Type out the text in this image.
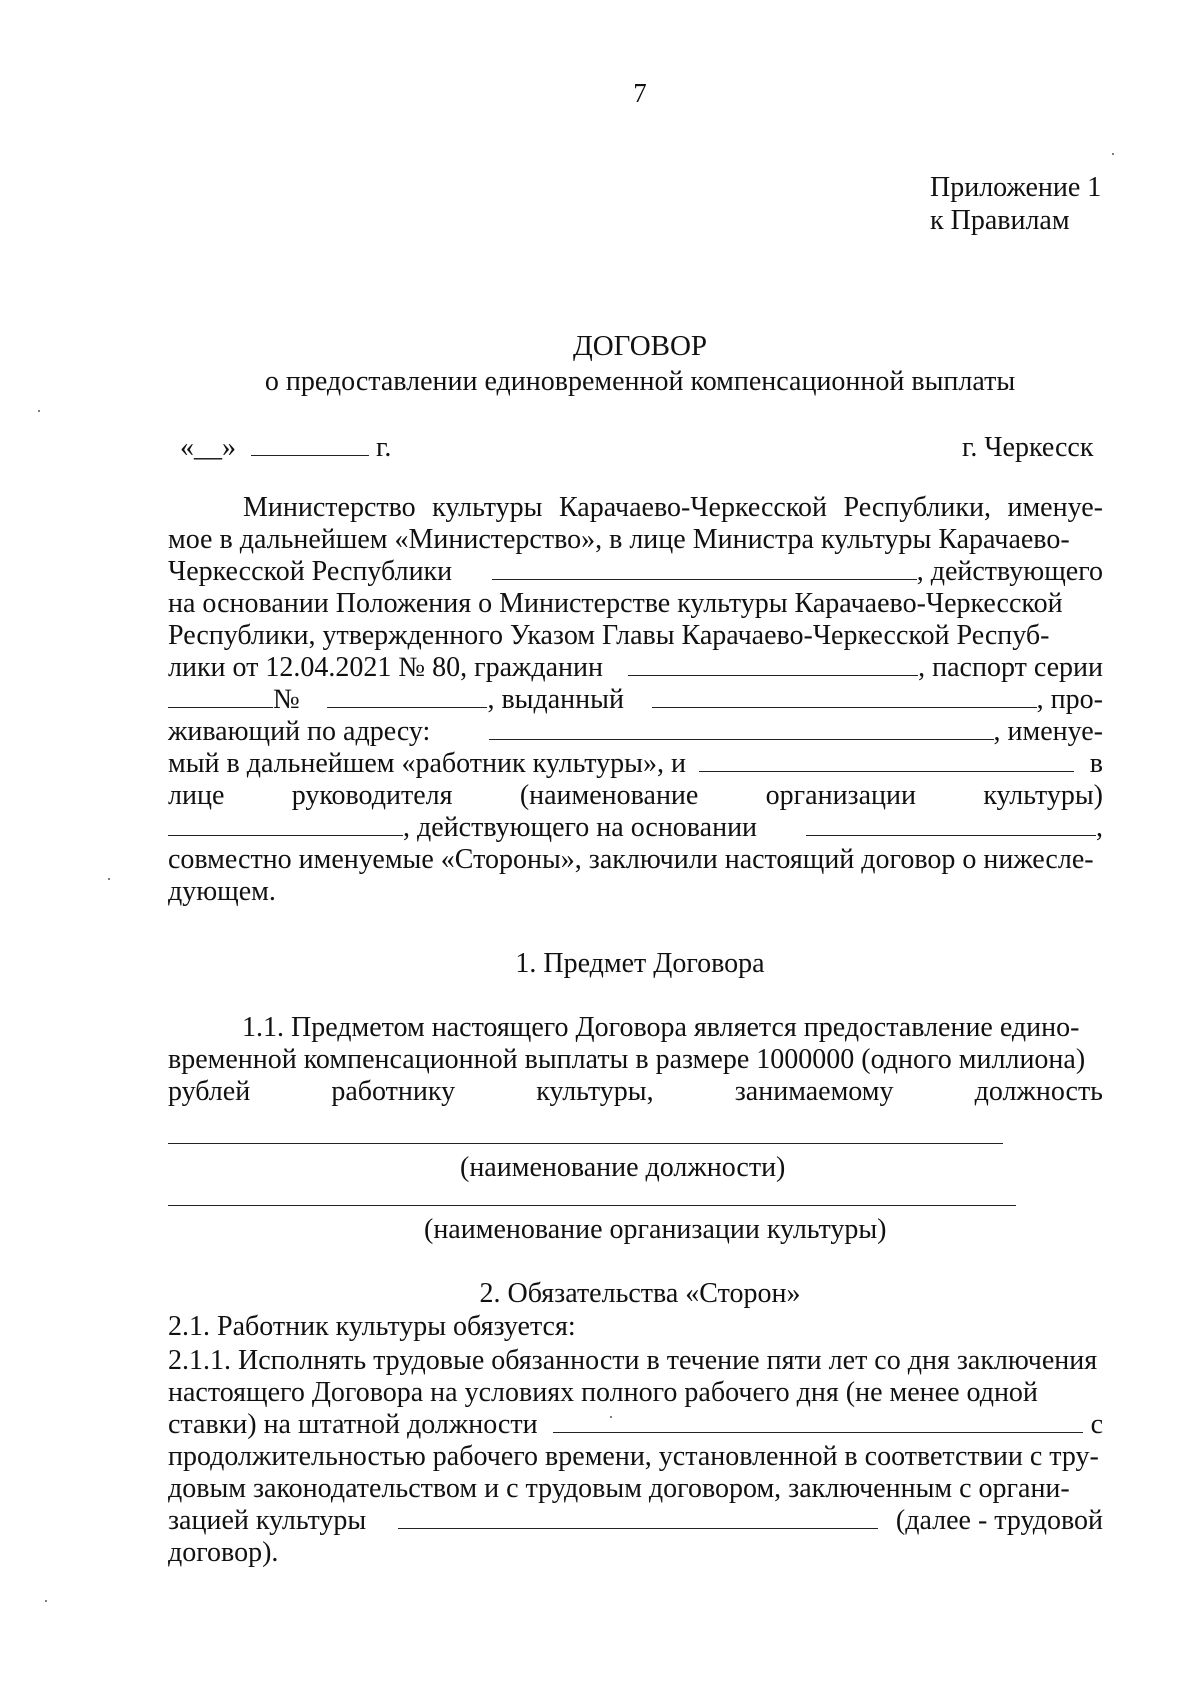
7
Приложение 1
к Правилам
ДОГОВОР
о предоставлении единовременной компенсационной выплаты
«__»	г.	г. Черкесск
Министерство культуры Карачаево-Черкесской Республики, именуе-
мое в дальнейшем «Министерство», в лице Министра культуры Карачаево-
Черкесской Республики	, действующего
на основании Положения о Министерстве культуры Карачаево-Черкесской
Республики, утвержденного Указом Главы Карачаево-Черкесской Респуб-
лики от 12.04.2021 № 80, гражданин	, паспорт серии
№	, выданный	, про-
живающий по адресу:	, именуе-
мый в дальнейшем «работник культуры», и	в
лице руководителя (наименование организации культуры)
, действующего на основании	,
совместно именуемые «Стороны», заключили настоящий договор о нижесле-
дующем.
1. Предмет Договора
1.1. Предметом настоящего Договора является предоставление едино-
временной компенсационной выплаты в размере 1000000 (одного миллиона)
рублей	работнику	культуры,	занимаемому	должность
(наименование должности)
(наименование организации культуры)
2. Обязательства «Сторон»
2.1. Работник культуры обязуется:
2.1.1. Исполнять трудовые обязанности в течение пяти лет со дня заключения
настоящего Договора на условиях полного рабочего дня (не менее одной
ставки) на штатной должности	с
продолжительностью рабочего времени, установленной в соответствии с тру-
довым законодательством и с трудовым договором, заключенным с органи-
зацией культуры	(далее - трудовой
договор).
